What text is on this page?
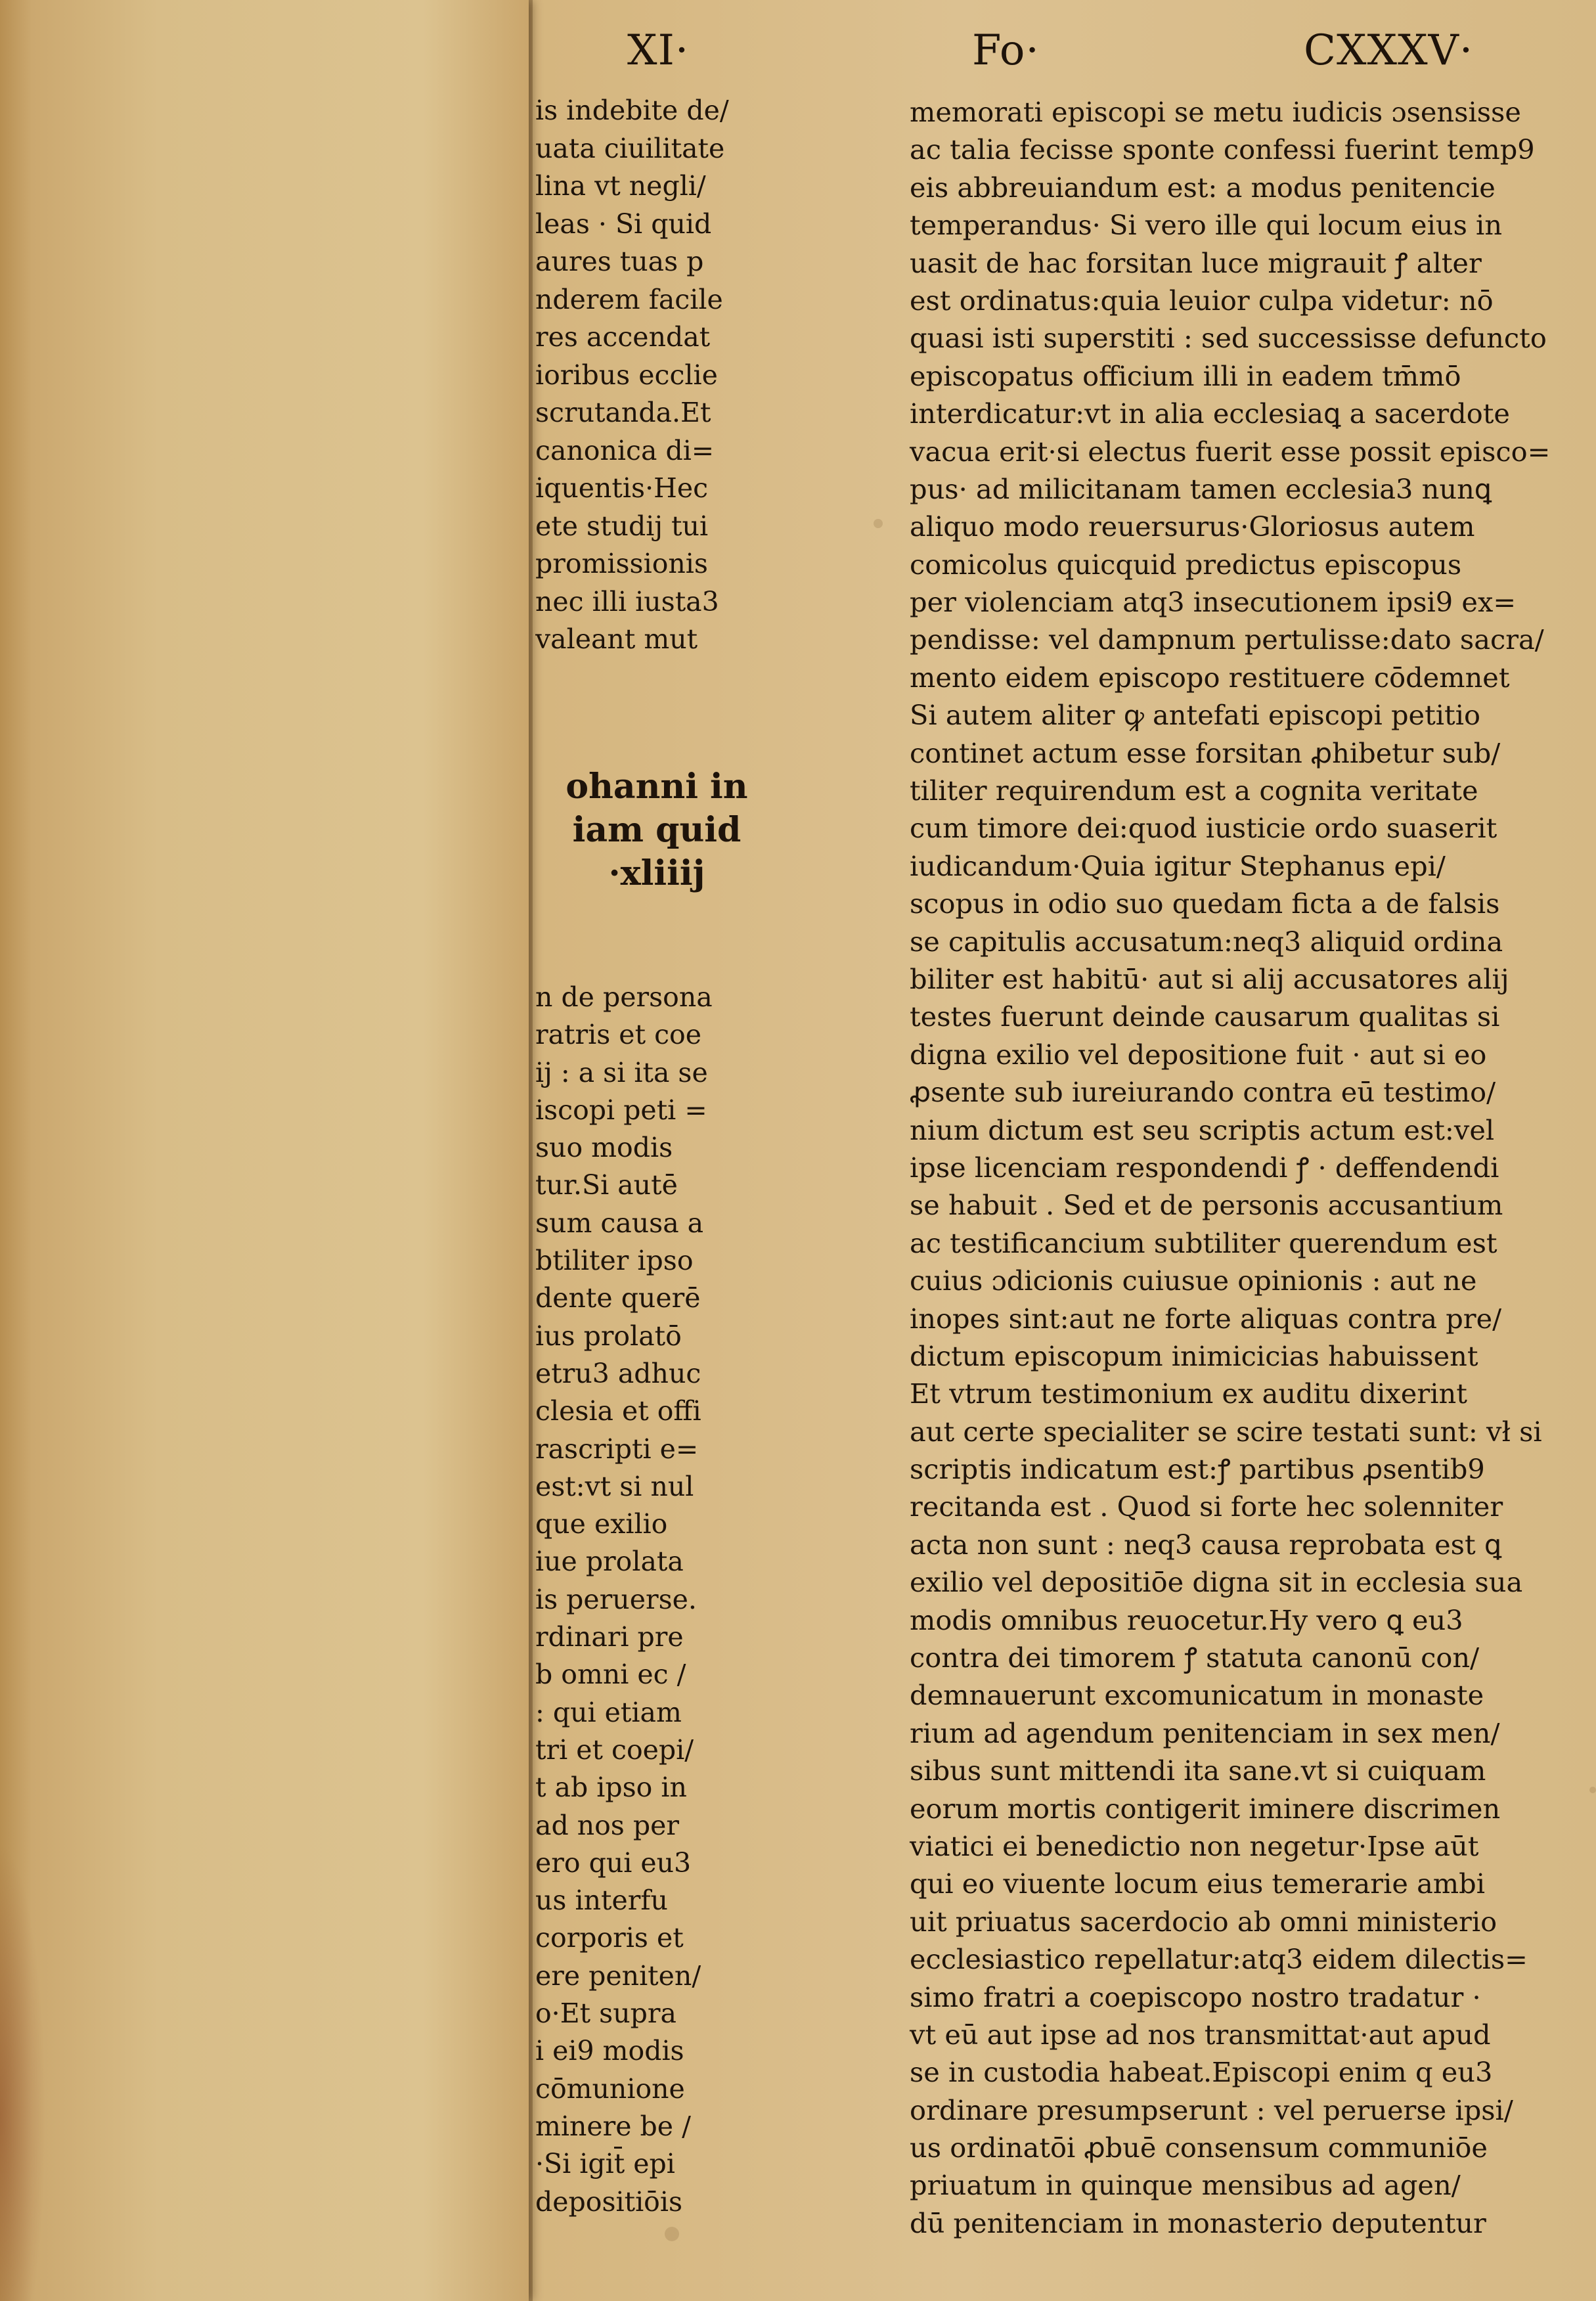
XI·	Fo·	CXXXV·
is indebite de/
uata ciuilitate
lina vt negli/
leas · Si quid
aures tuas p
nderem facile
res accendat
ioribus ecclie
scrutanda.Et
canonica di=
iquentis·Hec
ete studij tui
promissionis
nec illi iusta3
valeant mut
ohanni in
iam quid
·xliiij
n de persona
ratris et coe
ij : a si ita se
iscopi peti =
suo modis
tur.Si autē
sum causa a
btiliter ipso
dente querē
ius prolatō
etru3 adhuc
clesia et offi
rascripti e=
est:vt si nul
que exilio
iue prolata
is peruerse.
rdinari pre
b omni ec /
: qui etiam
tri et coepi/
t ab ipso in
ad nos per
ero qui eu3
us interfu
corporis et
ere peniten/
o·Et supra
i ei9 modis
cōmunione
minere be /
·Si igit̄ epi
depositiōis
memorati episcopi se metu iudicis ɔsensisse
ac talia fecisse sponte confessi fuerint temp9
eis abbreuiandum est: a modus penitencie
temperandus· Si vero ille qui locum eius in
uasit de hac forsitan luce migrauit ꝭ alter
est ordinatus:quia leuior culpa videtur: nō
quasi isti superstiti : sed successisse defuncto
episcopatus officium illi in eadem tm̄mō
interdicatur:vt in alia ecclesiaꝗ a sacerdote
vacua erit·si electus fuerit esse possit episco=
pus· ad milicitanam tamen ecclesia3 nunꝗ
aliquo modo reuersurus·Gloriosus autem
comicolus quicquid predictus episcopus
per violenciam atq3 insecutionem ipsi9 ex=
pendisse: vel dampnum pertulisse:dato sacra/
mento eidem episcopo restituere cōdemnet
Si autem aliter ꝙ antefati episcopi petitio
continet actum esse forsitan ꝓhibetur sub/
tiliter requirendum est a cognita veritate
cum timore dei:quod iusticie ordo suaserit
iudicandum·Quia igitur Stephanus epi/
scopus in odio suo quedam ficta a de falsis
se capitulis accusatum:neq3 aliquid ordina
biliter est habitū· aut si alij accusatores alij
testes fuerunt deinde causarum qualitas si
digna exilio vel depositione fuit · aut si eo
ꝓsente sub iureiurando contra eū testimo/
nium dictum est seu scriptis actum est:vel
ipse licenciam respondendi ꝭ · deffendendi
se habuit . Sed et de personis accusantium
ac testificancium subtiliter querendum est
cuius ɔdicionis cuiusue opinionis : aut ne
inopes sint:aut ne forte aliquas contra pre/
dictum episcopum inimicicias habuissent
Et vtrum testimonium ex auditu dixerint
aut certe specialiter se scire testati sunt: vł si
scriptis indicatum est:ꝭ partibus ꝓsentib9
recitanda est . Quod si forte hec solenniter
acta non sunt : neq3 causa reprobata est ꝗ
exilio vel depositiōe digna sit in ecclesia sua
modis omnibus reuocetur.Hy vero ꝗ eu3
contra dei timorem ꝭ statuta canonū con/
demnauerunt excomunicatum in monaste
rium ad agendum penitenciam in sex men/
sibus sunt mittendi ita sane.vt si cuiquam
eorum mortis contigerit iminere discrimen
viatici ei benedictio non negetur·Ipse aūt
qui eo viuente locum eius temerarie ambi
uit priuatus sacerdocio ab omni ministerio
ecclesiastico repellatur:atq3 eidem dilectis=
simo fratri a coepiscopo nostro tradatur ·
vt eū aut ipse ad nos transmittat·aut apud
se in custodia habeat.Episcopi enim q eu3
ordinare presumpserunt : vel peruerse ipsi/
us ordinatōi ꝓbuē consensum communiōe
priuatum in quinque mensibus ad agen/
dū penitenciam in monasterio deputentur
